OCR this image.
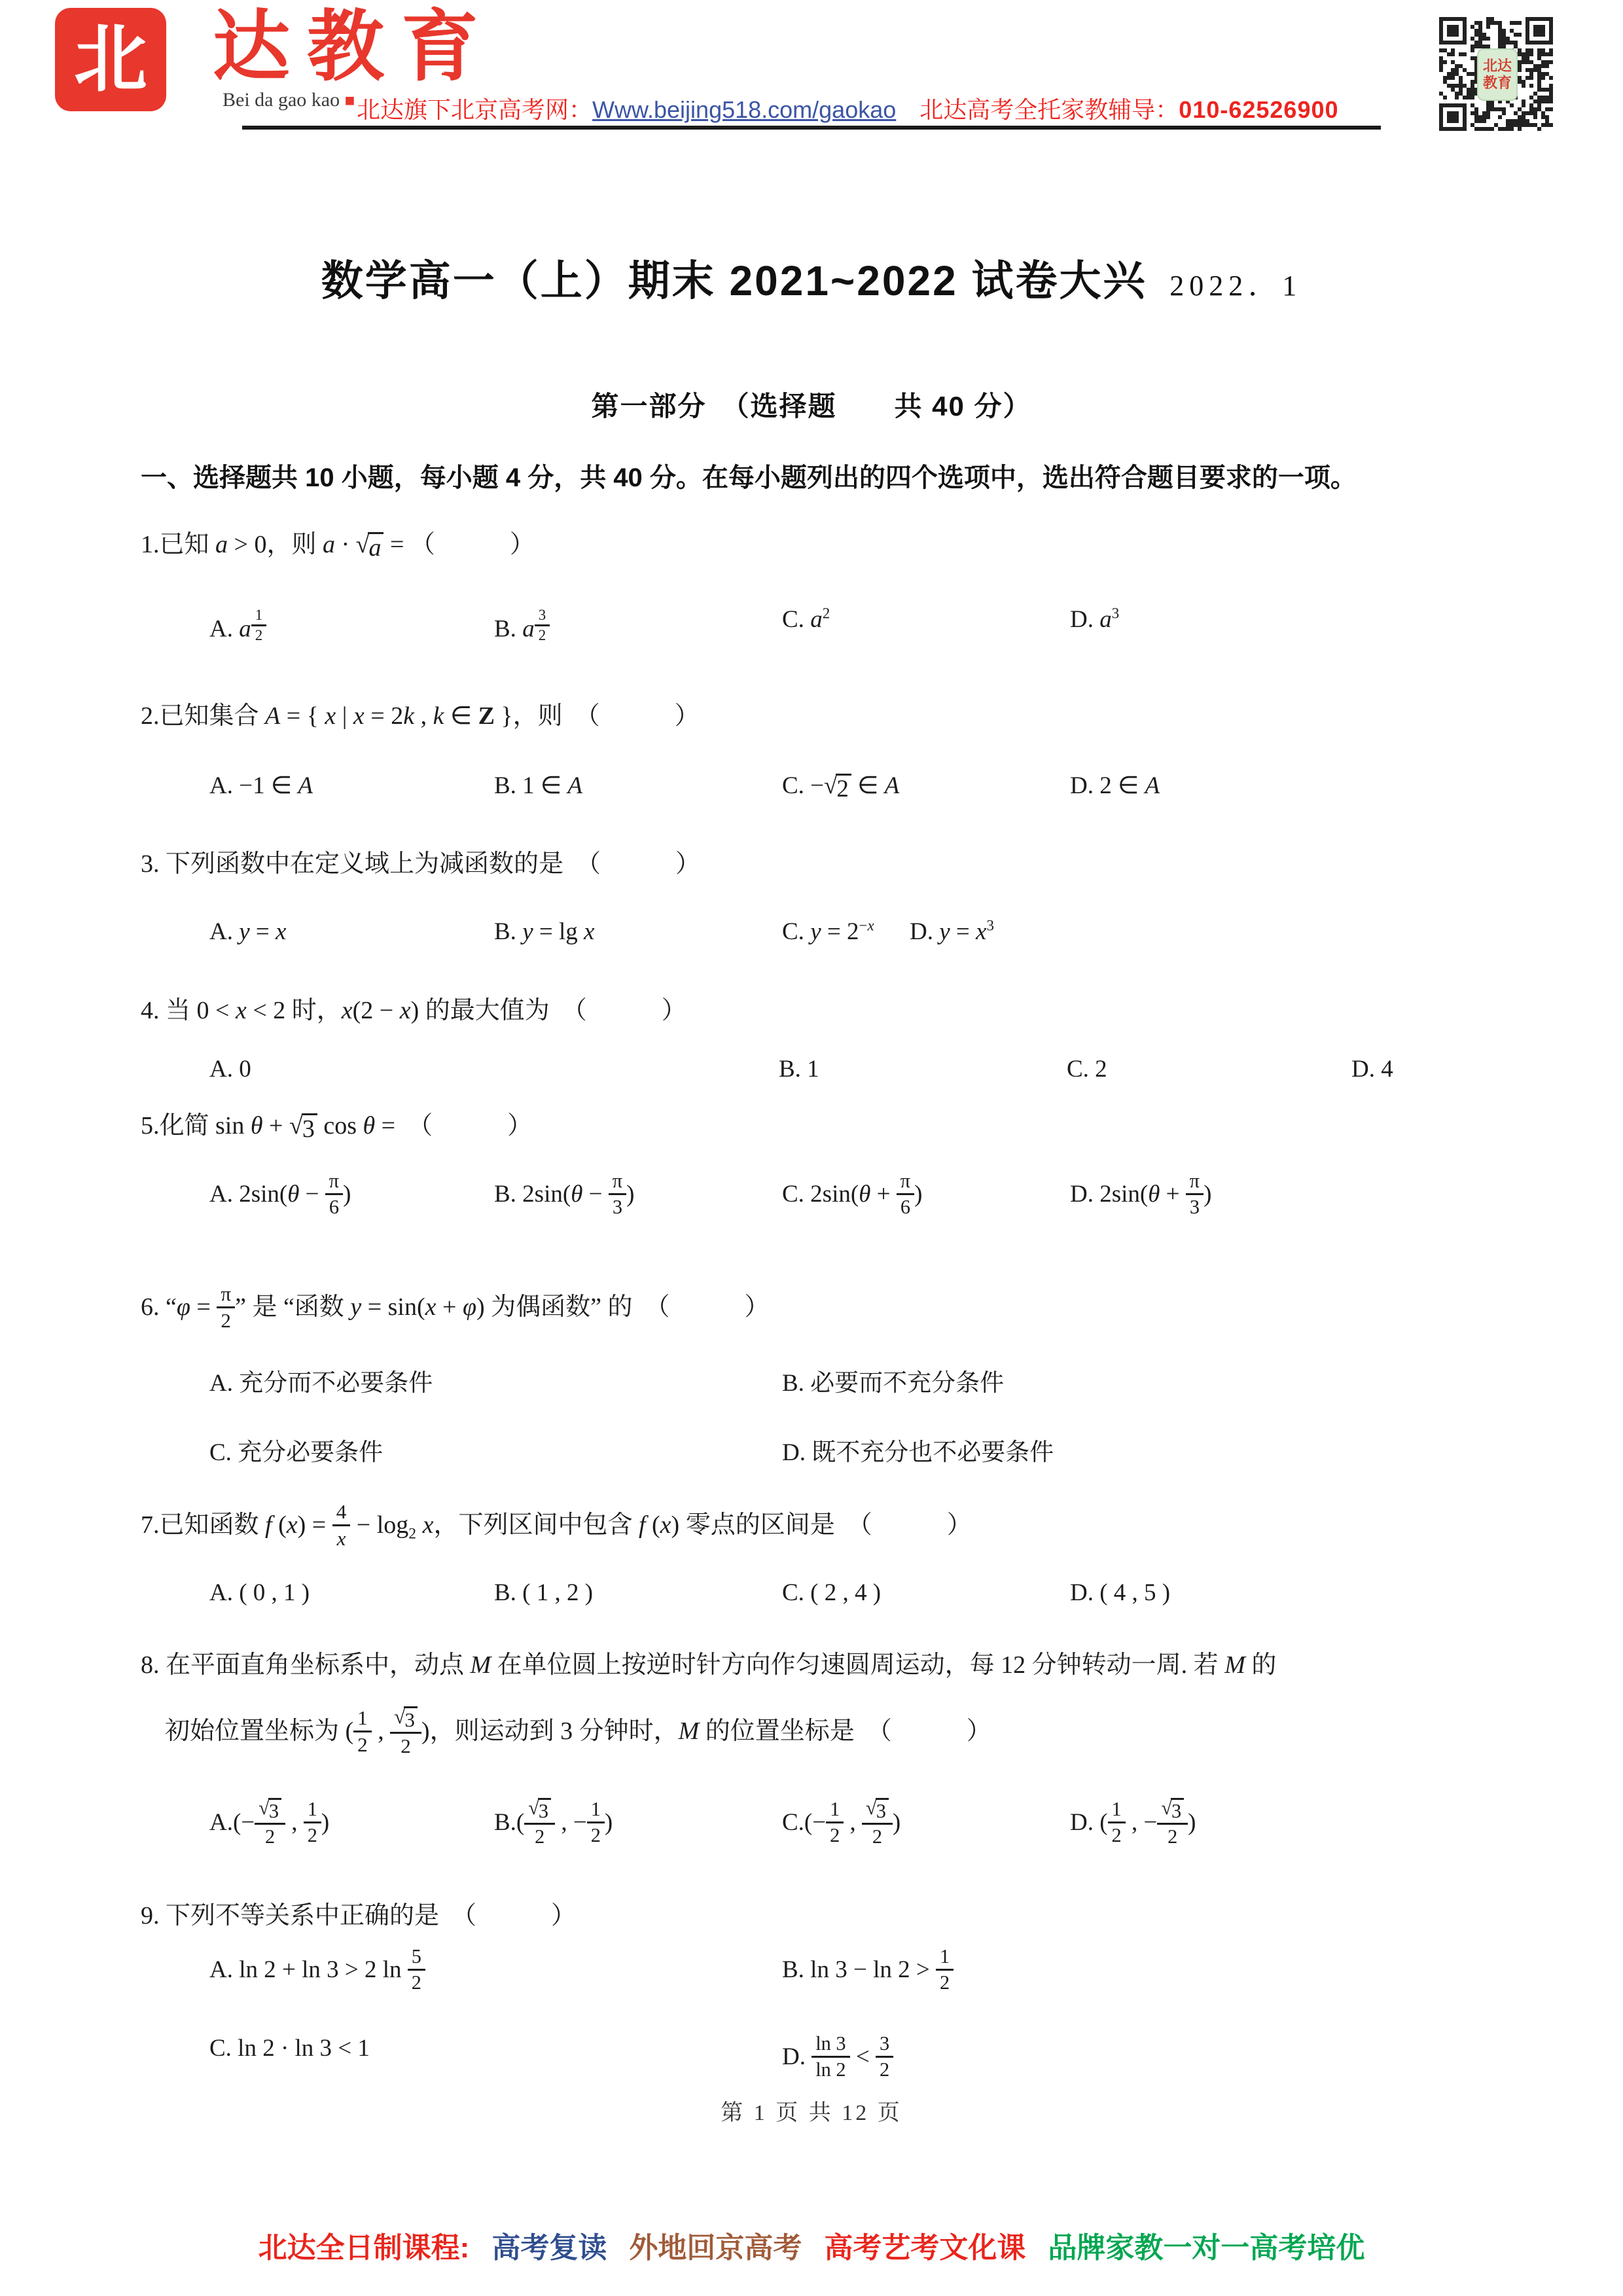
北 达教育
Bei da gao kao ■ 北达旗下北京高考网：Www.beijing518.com/gaokao　北达高考全托家教辅导：010-62526900
北达
教育
数学高一（上）期末 2021~2022 试卷大兴 2022．1
第一部分　（选择题　　共 40 分）
一、选择题共 10 小题，每小题 4 分，共 40 分。在每小题列出的四个选项中，选出符合题目要求的一项。
1.已知 a > 0，则 a · √ a = （　　　）
A. a $^{\frac{1}{2}}$	B. a $^{\frac{3}{2}}$	C. $a^2$	D. $a^3$
2.已知集合 A = { x | x = 2k , k ∈ Z }，则　（　　　）
A. −1 ∈ A	B. 1 ∈ A	C. − √ 2 ∈ A	D. 2 ∈ A
3. 下列函数中在定义域上为减函数的是　（　　　）
A. y = x	B. y = lg x	C. $y = 2^{-x}$ D. $y = x^3$
4. 当 0 < x < 2 时，x(2 − x) 的最大值为　（　　　）
A. 0	B. 1	C. 2	D. 4
5.化简 sin θ + √ 3 cos θ =　（　　　）
A. $2\sin(\theta - \frac{\pi}{6}$ )	B. $2\sin(\theta - \frac{\pi}{3}$ )	C. $2\sin(\theta + \frac{\pi}{6}$ )	D. $2\sin(\theta + \frac{\pi}{3}$ )
6. “$\varphi = \frac{\pi}{2}$ ” 是 “函数 y = sin(x + φ) 为偶函数” 的　（　　　）
A. 充分而不必要条件	B. 必要而不充分条件
C. 充分必要条件	D. 既不充分也不必要条件
7.已知函数 f $(x) = \frac{4}{x} - \log_2 x$，下列区间中包含 f (x) 零点的区间是　（　　　）
A. ( 0 , 1 )	B. ( 1 , 2 )	C. ( 2 , 4 )	D. ( 4 , 5 )
8. 在平面直角坐标系中，动点 M 在单位圆上按逆时针方向作匀速圆周运动，每 12 分钟转动一周. 若 M 的
初始位置坐标为 ( $\frac{1}{2}$ , $\frac{√ 3}{2}$ )，则运动到 3 分钟时，M 的位置坐标是　（　　　）
$A.(- \frac{√ 3}{2}$ , $\frac{1}{2}$ )	$B.( \frac{√ 3}{2}$ , − $\frac{1}{2}$ )	$C.(- \frac{1}{2}$ , $\frac{√ 3}{2}$ )	D. ( $\frac{1}{2}$ , − $\frac{√ 3}{2}$ )
9. 下列不等关系中正确的是　（　　　）
A. ln 2 + ln 3 > 2 $\ln \frac{5}{2}$	B. $\ln 3 - \ln 2 > \frac{1}{2}$
C. ln 2 · ln 3 < 1	D. $\frac{\ln 3}{\ln 2} < \frac{3}{2}$
第 1 页 共 12 页
北达全日制课程: 高考复读 外地回京高考 高考艺考文化课 品牌家教一对一高考培优
